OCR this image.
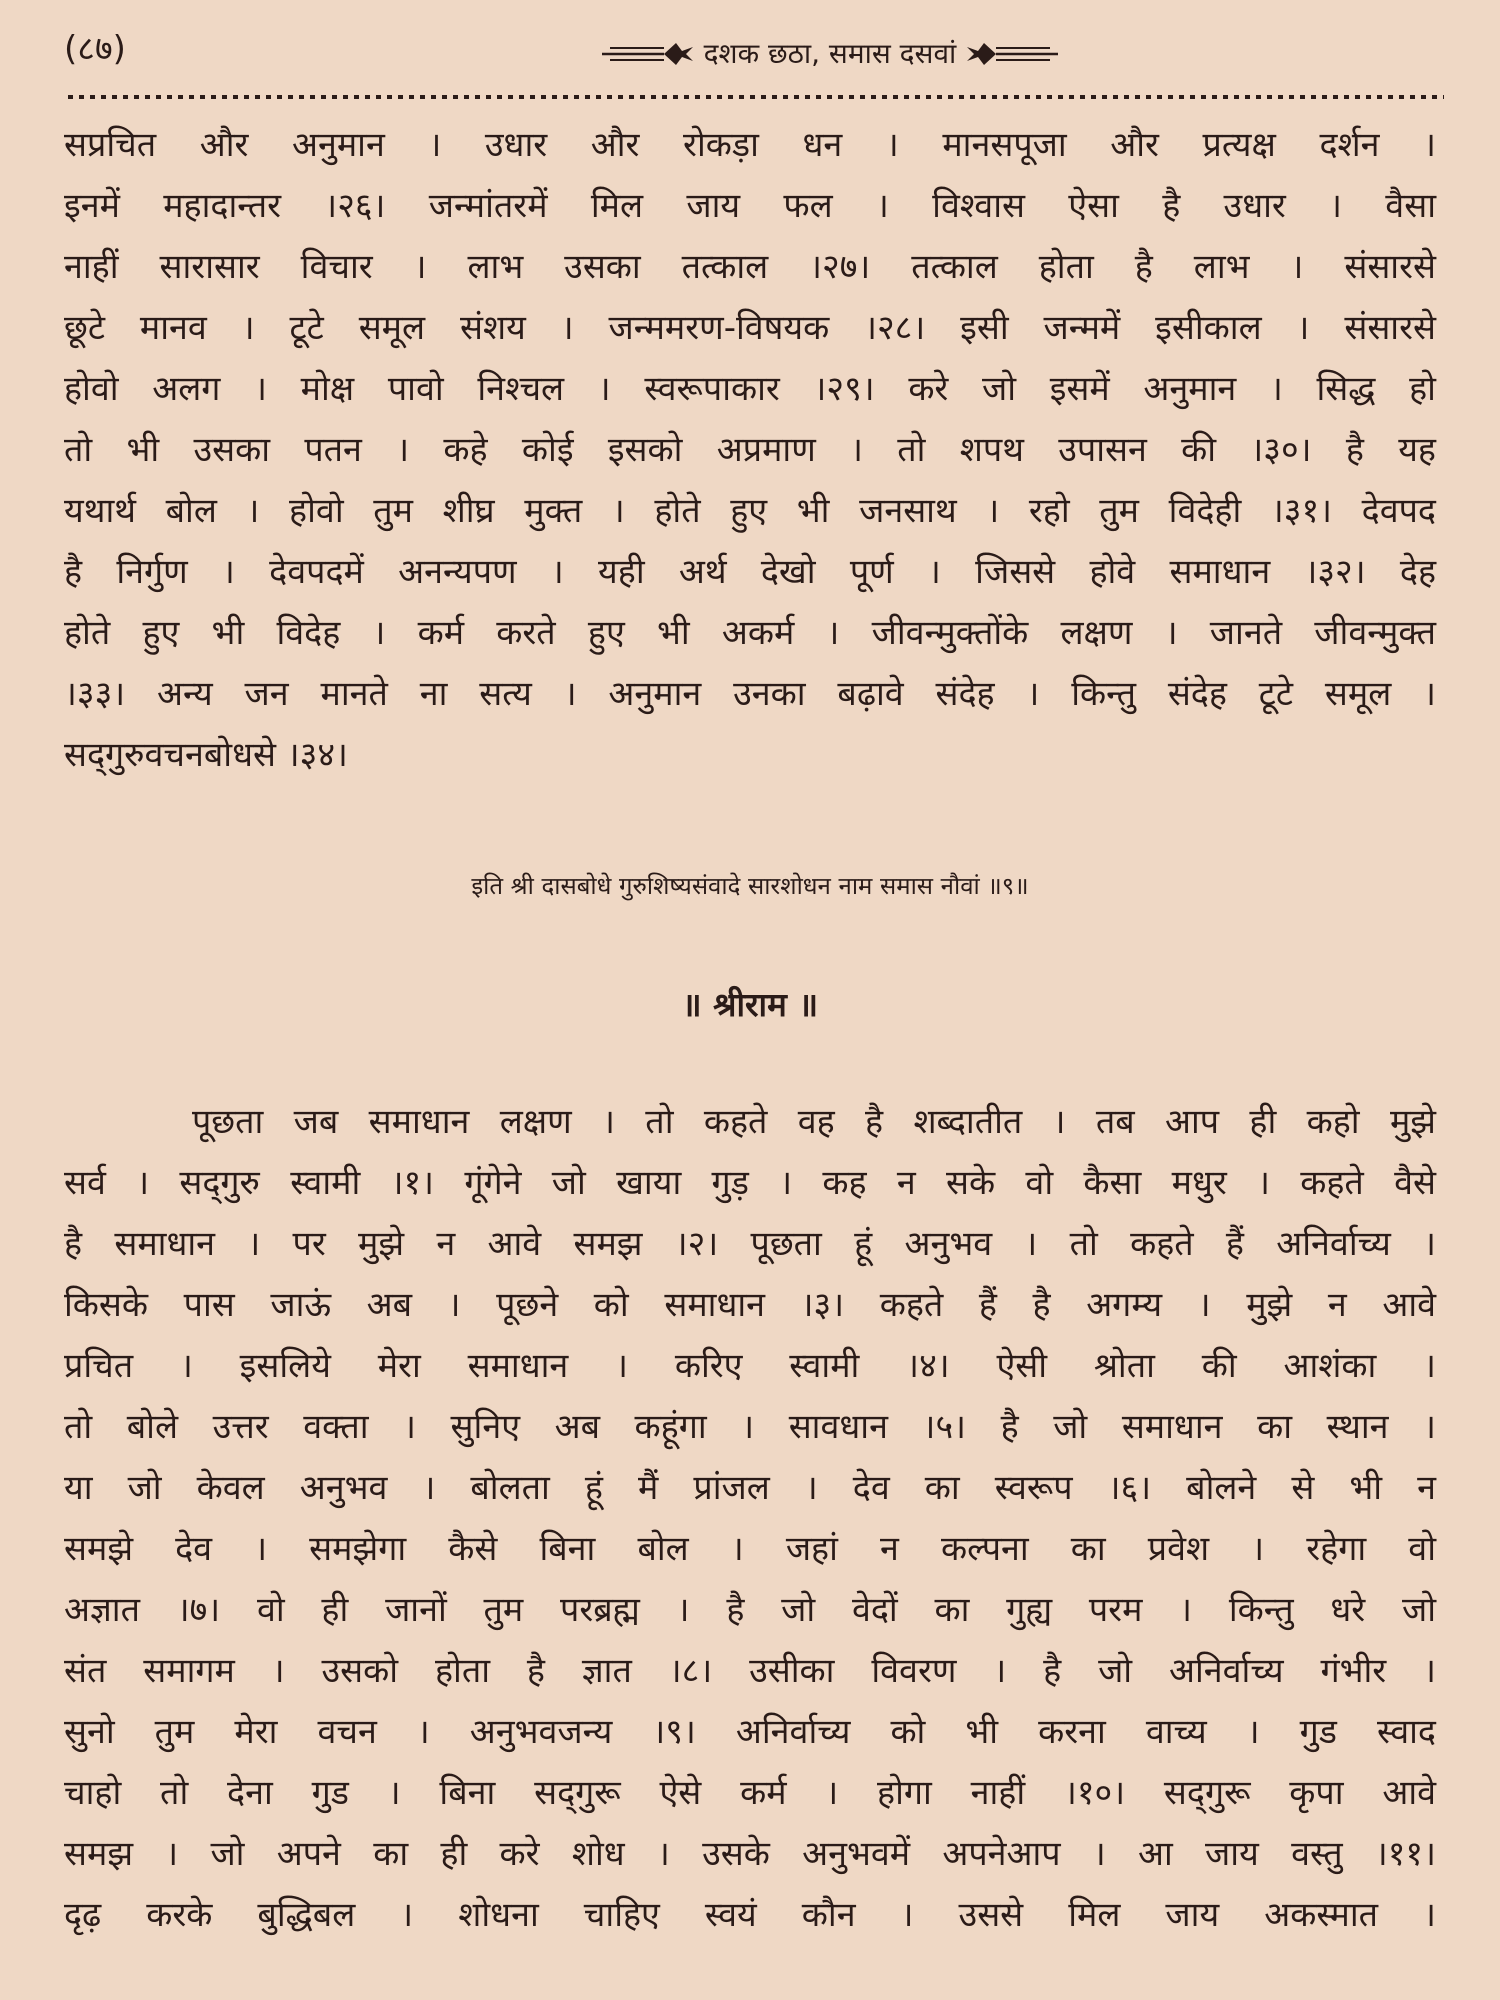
(८७)	दशक छठा, समास दसवां
सप्रचित और अनुमान । उधार और रोकड़ा धन । मानसपूजा और प्रत्यक्ष दर्शन ।
इनमें महादान्तर ।२६। जन्मांतरमें मिल जाय फल । विश्वास ऐसा है उधार । वैसा
नाहीं सारासार विचार । लाभ उसका तत्काल ।२७। तत्काल होता है लाभ । संसारसे
छूटे मानव । टूटे समूल संशय । जन्ममरण-विषयक ।२८। इसी जन्ममें इसीकाल । संसारसे
होवो अलग । मोक्ष पावो निश्चल । स्वरूपाकार ।२९। करे जो इसमें अनुमान । सिद्ध हो
तो भी उसका पतन । कहे कोई इसको अप्रमाण । तो शपथ उपासन की ।३०। है यह
यथार्थ बोल । होवो तुम शीघ्र मुक्त । होते हुए भी जनसाथ । रहो तुम विदेही ।३१। देवपद
है निर्गुण । देवपदमें अनन्यपण । यही अर्थ देखो पूर्ण । जिससे होवे समाधान ।३२। देह
होते हुए भी विदेह । कर्म करते हुए भी अकर्म । जीवन्मुक्तोंके लक्षण । जानते जीवन्मुक्त
।३३। अन्य जन मानते ना सत्य । अनुमान उनका बढ़ावे संदेह । किन्तु संदेह टूटे समूल ।
सद्‌गुरुवचनबोधसे ।३४।
इति श्री दासबोधे गुरुशिष्यसंवादे सारशोधन नाम समास नौवां ॥९॥
॥ श्रीराम ॥
पूछता जब समाधान लक्षण । तो कहते वह है शब्दातीत । तब आप ही कहो मुझे
सर्व । सद्‌गुरु स्वामी ।१। गूंगेने जो खाया गुड़ । कह न सके वो कैसा मधुर । कहते वैसे
है समाधान । पर मुझे न आवे समझ ।२। पूछता हूं अनुभव । तो कहते हैं अनिर्वाच्य ।
किसके पास जाऊं अब । पूछने को समाधान ।३। कहते हैं है अगम्य । मुझे न आवे
प्रचित । इसलिये मेरा समाधान । करिए स्वामी ।४। ऐसी श्रोता की आशंका ।
तो बोले उत्तर वक्ता । सुनिए अब कहूंगा । सावधान ।५। है जो समाधान का स्थान ।
या जो केवल अनुभव । बोलता हूं मैं प्रांजल । देव का स्वरूप ।६। बोलने से भी न
समझे देव । समझेगा कैसे बिना बोल । जहां न कल्पना का प्रवेश । रहेगा वो
अज्ञात ।७। वो ही जानों तुम परब्रह्म । है जो वेदों का गुह्य परम । किन्तु धरे जो
संत समागम । उसको होता है ज्ञात ।८। उसीका विवरण । है जो अनिर्वाच्य गंभीर ।
सुनो तुम मेरा वचन । अनुभवजन्य ।९। अनिर्वाच्य को भी करना वाच्य । गुड स्वाद
चाहो तो देना गुड । बिना सद्‌गुरू ऐसे कर्म । होगा नाहीं ।१०। सद्‌गुरू कृपा आवे
समझ । जो अपने का ही करे शोध । उसके अनुभवमें अपनेआप । आ जाय वस्तु ।११।
दृढ़ करके बुद्धिबल । शोधना चाहिए स्वयं कौन । उससे मिल जाय अकस्मात ।
